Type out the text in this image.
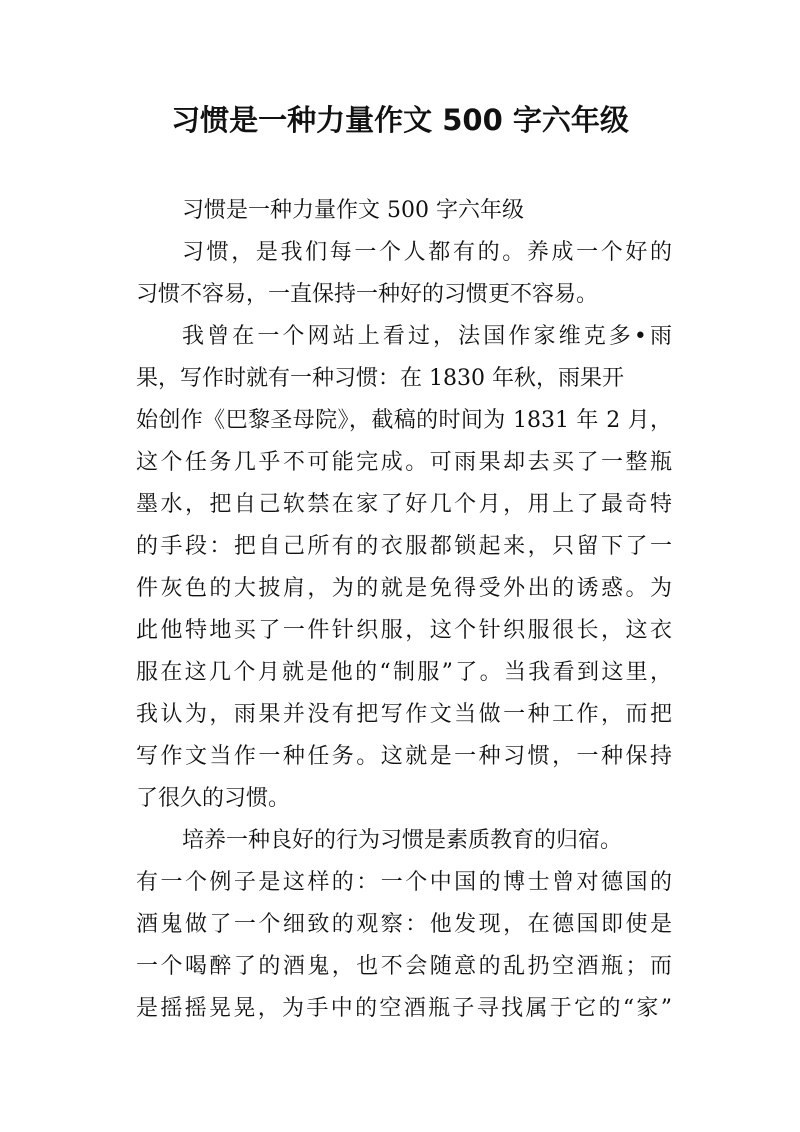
习惯是一种力量作文 500 字六年级
习惯是一种力量作文 500 字六年级
习惯，是我们每一个人都有的。养成一个好的
习惯不容易，一直保持一种好的习惯更不容易。
我曾在一个网站上看过，法国作家维克多•雨
果，写作时就有一种习惯：在 1830 年秋，雨果开
始创作《巴黎圣母院》，截稿的时间为 1831 年 2 月，
这个任务几乎不可能完成。可雨果却去买了一整瓶
墨水，把自己软禁在家了好几个月，用上了最奇特
的手段：把自己所有的衣服都锁起来，只留下了一
件灰色的大披肩，为的就是免得受外出的诱惑。为
此他特地买了一件针织服，这个针织服很长，这衣
服在这几个月就是他的“制服”了。当我看到这里，
我认为，雨果并没有把写作文当做一种工作，而把
写作文当作一种任务。这就是一种习惯，一种保持
了很久的习惯。
培养一种良好的行为习惯是素质教育的归宿。
有一个例子是这样的：一个中国的博士曾对德国的
酒鬼做了一个细致的观察：他发现，在德国即使是
一个喝醉了的酒鬼，也不会随意的乱扔空酒瓶；而
是摇摇晃晃，为手中的空酒瓶子寻找属于它的“家”
